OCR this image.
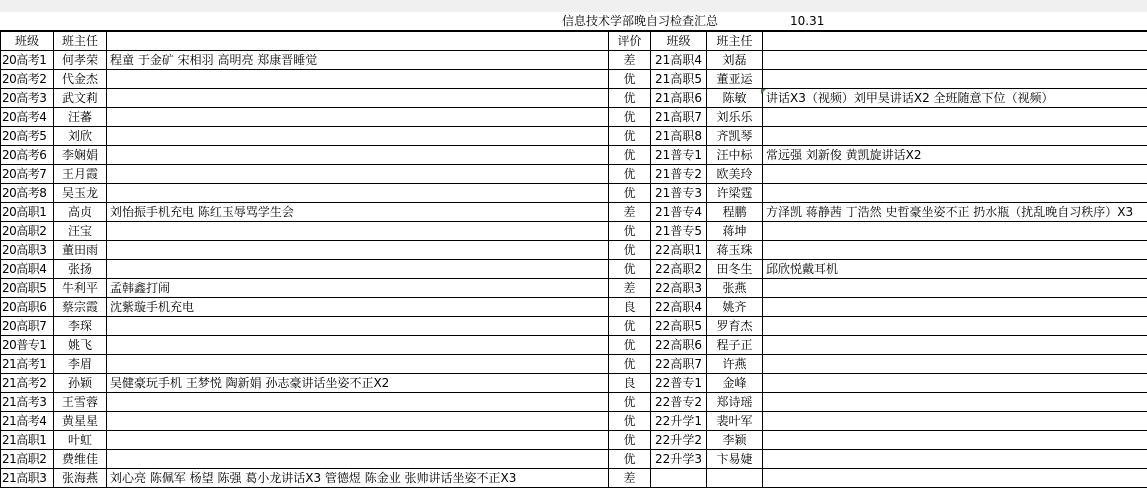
信息技术学部晚自习检查汇总	10.31
班级	班主任		评价	班级	班主任	
20高考1	何孝荣	程童 于金矿 宋相羽 高明亮 郑康晋睡觉	差	21高职4	刘磊	
20高考2	代金杰		优	21高职5	董亚运	
20高考3	武文莉		优	21高职6	陈敏	讲话X3（视频）刘甲昊讲话X2 全班随意下位（视频）
20高考4	汪蕃		优	21高职7	刘乐乐	
20高考5	刘欣		优	21高职8	齐凯琴	
20高考6	李娴娟		优	21普专1	汪中标	常远强 刘新俊 黄凯旋讲话X2
20高考7	王月霞		优	21普专2	欧美玲	
20高考8	吴玉龙		优	21普专3	许梁霆	
20高职1	高贞	刘怡振手机充电 陈红玉辱骂学生会	差	21普专4	程鹏	方泽凯 蒋静茜 丁浩然 史哲豪坐姿不正 扔水瓶（扰乱晚自习秩序）X3
20高职2	汪宝		优	21普专5	蒋坤	
20高职3	董田雨		优	22高职1	蒋玉珠	
20高职4	张扬		优	22高职2	田冬生	邱欣悦戴耳机
20高职5	牛利平	孟韩鑫打闹	差	22高职3	张燕	
20高职6	蔡宗霞	沈紫璇手机充电	良	22高职4	姚齐	
20高职7	李琛		优	22高职5	罗育杰	
20普专1	姚飞		优	22高职6	程子正	
21高考1	李眉		优	22高职7	许燕	
21高考2	孙颖	吴健豪玩手机 王梦悦 陶新娟 孙志豪讲话坐姿不正X2	良	22普专1	金峰	
21高考3	王雪蓉		优	22普专2	郑诗瑶	
21高考4	黄星星		优	22升学1	裴叶军	
21高职1	叶虹		优	22升学2	李颖	
21高职2	费维佳		优	22升学3	卞易婕	
21高职3	张海燕	刘心亮 陈佩军 杨望 陈强 葛小龙讲话X3 管德煜 陈金业 张帅讲话坐姿不正X3	差			
